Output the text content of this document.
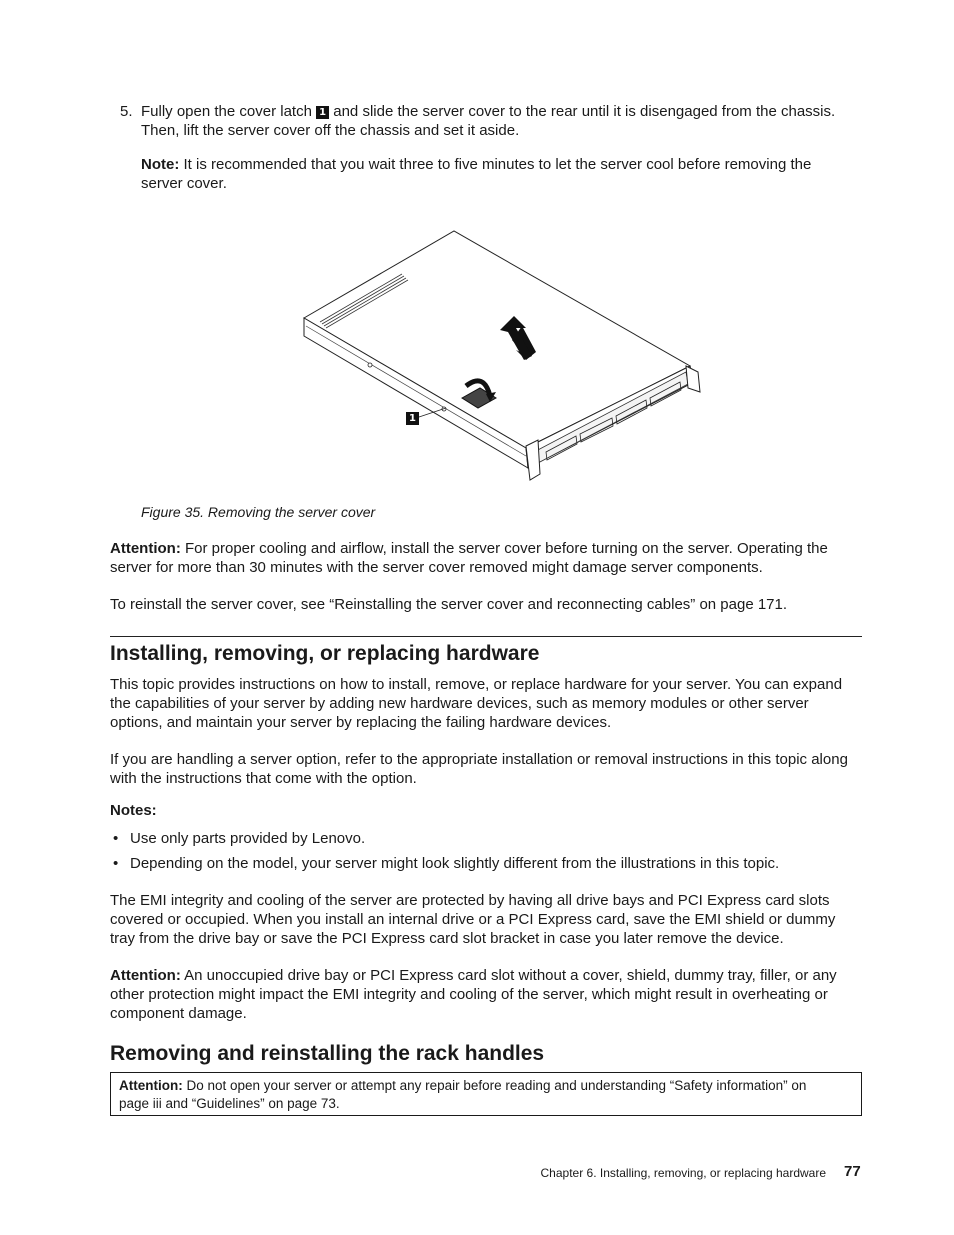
5. Fully open the cover latch 1 and slide the server cover to the rear until it is disengaged from the chassis. Then, lift the server cover off the chassis and set it aside.
Note: It is recommended that you wait three to five minutes to let the server cool before removing the server cover.
1
Figure 35. Removing the server cover

Attention: For proper cooling and airflow, install the server cover before turning on the server. Operating the server for more than 30 minutes with the server cover removed might damage server components.

To reinstall the server cover, see “Reinstalling the server cover and reconnecting cables” on page 171.

Installing, removing, or replacing hardware

This topic provides instructions on how to install, remove, or replace hardware for your server. You can expand the capabilities of your server by adding new hardware devices, such as memory modules or other server options, and maintain your server by replacing the failing hardware devices.

If you are handling a server option, refer to the appropriate installation or removal instructions in this topic along with the instructions that come with the option.

Notes:

• Use only parts provided by Lenovo.
• Depending on the model, your server might look slightly different from the illustrations in this topic.

The EMI integrity and cooling of the server are protected by having all drive bays and PCI Express card slots covered or occupied. When you install an internal drive or a PCI Express card, save the EMI shield or dummy tray from the drive bay or save the PCI Express card slot bracket in case you later remove the device.

Attention: An unoccupied drive bay or PCI Express card slot without a cover, shield, dummy tray, filler, or any other protection might impact the EMI integrity and cooling of the server, which might result in overheating or component damage.

Removing and reinstalling the rack handles
Attention: Do not open your server or attempt any repair before reading and understanding “Safety information” on page iii and “Guidelines” on page 73.
Chapter 6. Installing, removing, or replacing hardware 77
